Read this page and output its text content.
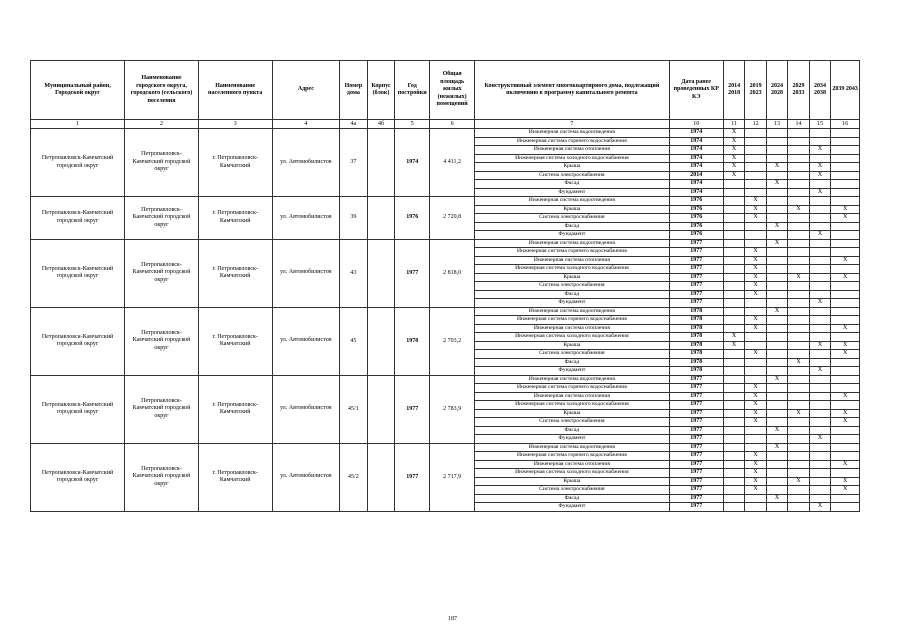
Муниципальный район, Городской округ	Наименование городского округа, городского (сельского) поселения	Наименование населенного пункта	Адрес	Номер дома	Корпус (блок)	Год постройки	Общая площадь жилых (нежилых) помещений	Конструктивный элемент многоквартирного дома, подлежащий включению в программу капитального ремонта	Дата ранее проведенных КР КЭ	2014 2018	2019 2023	2024 2028	2029 2033	2034 2038	2039 2043
1	2	3	4	4а	4б	5	6	7	10	11	12	13	14	15	16
Петропавловск-Камчатский городской округ	Петропавловск-Камчатский городской округ	г. Петропавловск-Камчатский	ул. Автомобилистов	37		1974	4 411,2	Инженерная система водоотведения	1974	X					
								Инженерная система горячего водоснабжения	1974	X					
								Инженерная система отопления	1974	X				X	
								Инженерная система холодного водоснабжения	1974	X					
								Крыша	1974	X		X		X	
								Система электроснабжения	2014	X				X	
								Фасад	1974			X			
								Фундамент	1974					X	
Петропавловск-Камчатский городской округ	Петропавловск-Камчатский городской округ	г. Петропавловск-Камчатский	ул. Автомобилистов	39		1976	2 720,8	Инженерная система водоотведения	1976		X				
								Крыша	1976		X		X		X
								Система электроснабжения	1976		X				X
								Фасад	1976			X			
								Фундамент	1976					X	
Петропавловск-Камчатский городской округ	Петропавловск-Камчатский городской округ	г. Петропавловск-Камчатский	ул. Автомобилистов	43		1977	2 818,0	Инженерная система водоотведения	1977			X			
								Инженерная система горячего водоснабжения	1977		X				
								Инженерная система отопления	1977		X				X
								Инженерная система холодного водоснабжения	1977		X				
								Крыша	1977		X		X		X
								Система электроснабжения	1977		X				
								Фасад	1977		X				
								Фундамент	1977					X	
Петропавловск-Камчатский городской округ	Петропавловск-Камчатский городской округ	г. Петропавловск-Камчатский	ул. Автомобилистов	45		1978	2 703,2	Инженерная система водоотведения	1978			X			
								Инженерная система горячего водоснабжения	1978		X				
								Инженерная система отопления	1978		X				X
								Инженерная система холодного водоснабжения	1978	X					
								Крыша	1978	X				X	X
								Система электроснабжения	1978		X				X
								Фасад	1978				X		
								Фундамент	1978					X	
Петропавловск-Камчатский городской округ	Петропавловск-Камчатский городской округ	г. Петропавловск-Камчатский	ул. Автомобилистов	45/1		1977	2 783,9	Инженерная система водоотведения	1977			X			
								Инженерная система горячего водоснабжения	1977		X				
								Инженерная система отопления	1977		X				X
								Инженерная система холодного водоснабжения	1977		X				
								Крыша	1977		X		X		X
								Система электроснабжения	1977		X				X
								Фасад	1977			X			
								Фундамент	1977					X	
Петропавловск-Камчатский городской округ	Петропавловск-Камчатский городской округ	г. Петропавловск-Камчатский	ул. Автомобилистов	45/2		1977	2 717,9	Инженерная система водоотведения	1977			X			
								Инженерная система горячего водоснабжения	1977		X				
								Инженерная система отопления	1977		X				X
								Инженерная система холодного водоснабжения	1977		X				
								Крыша	1977		X		X		X
								Система электроснабжения	1977		X				X
								Фасад	1977			X			
								Фундамент	1977					X	
187
